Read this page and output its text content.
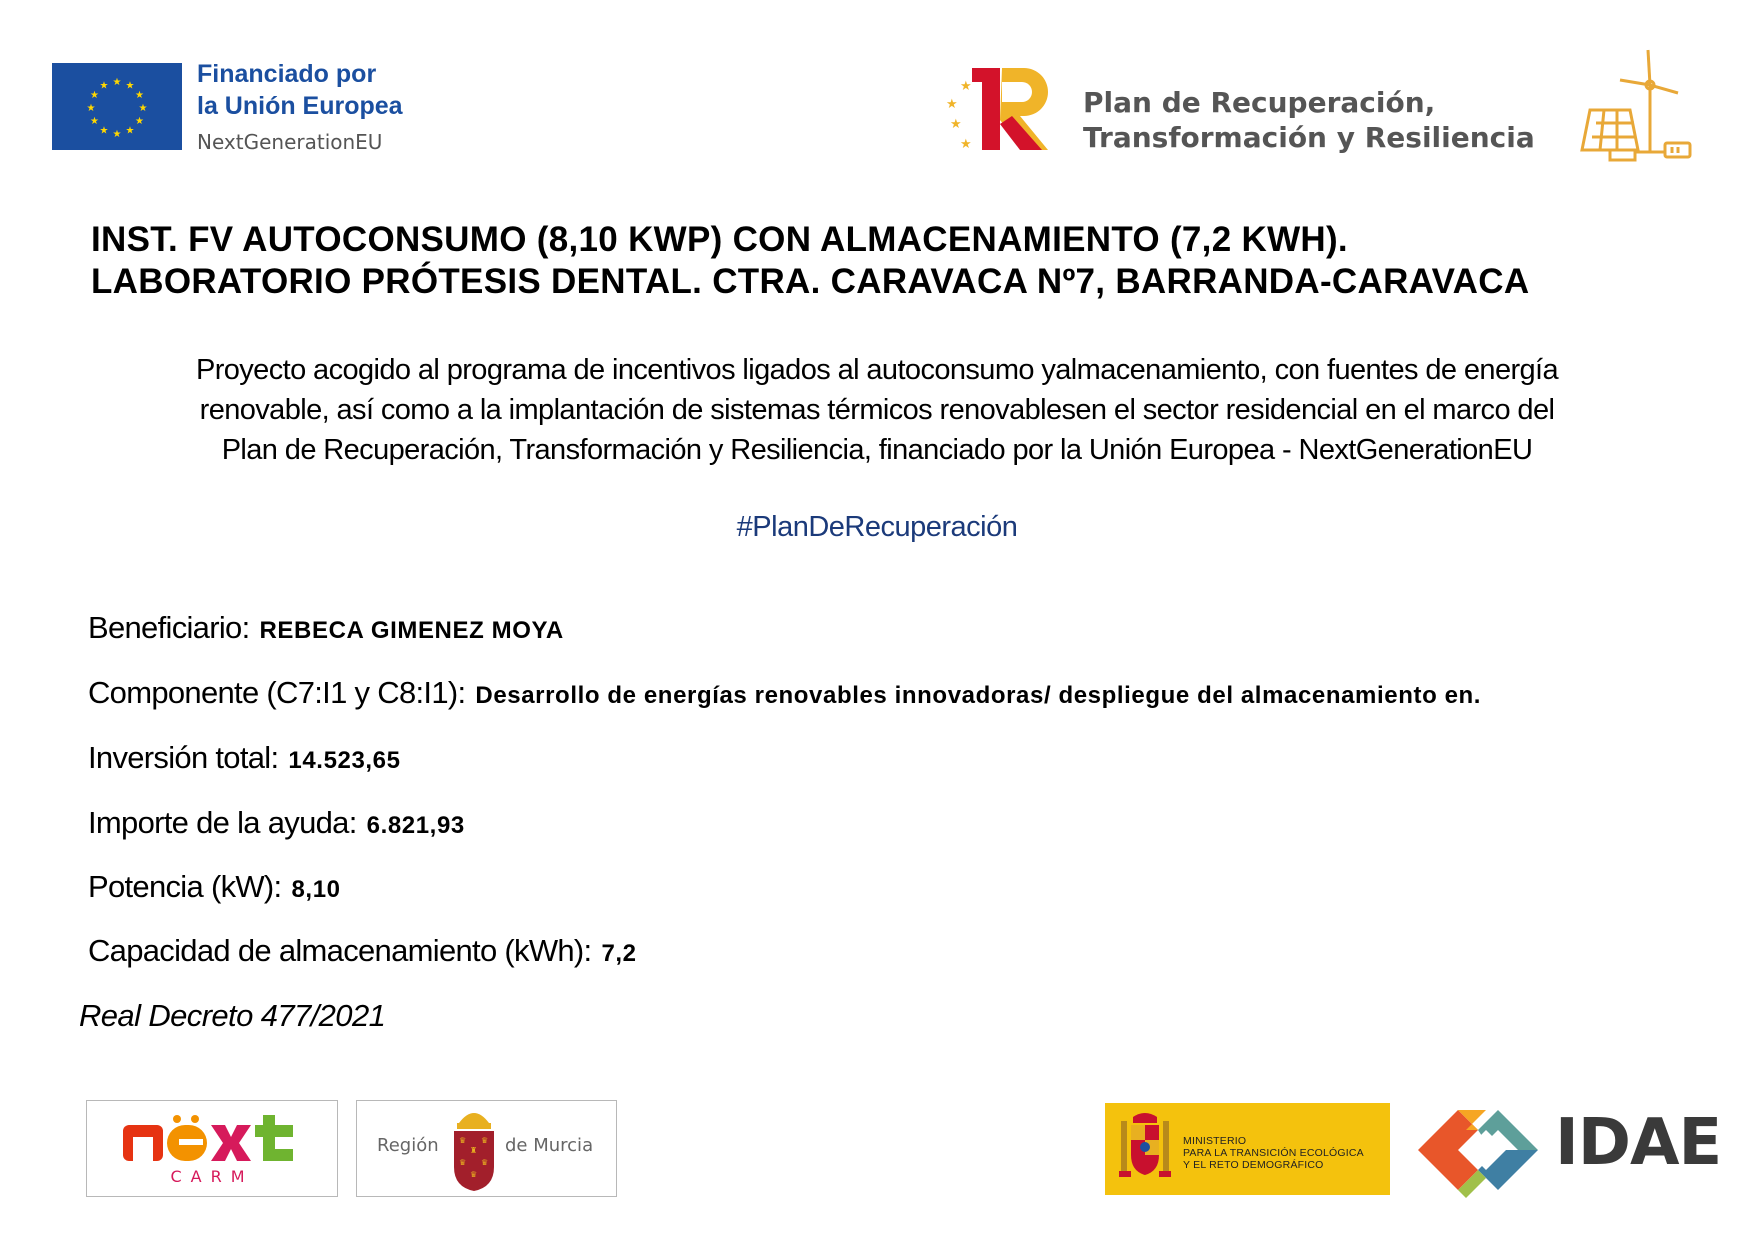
★ ★
★
★
★
★
★
★
★
★
★
★	Financiado por
la Unión Europea
NextGenerationEU
★
★
★
★
Plan de Recuperación,
Transformación y Resiliencia
INST. FV AUTOCONSUMO (8,10 KWP) CON ALMACENAMIENTO (7,2 KWH).
LABORATORIO PRÓTESIS DENTAL. CTRA. CARAVACA Nº7, BARRANDA-CARAVACA
Proyecto acogido al programa de incentivos ligados al autoconsumo yalmacenamiento, con fuentes de energía
renovable, así como a la implantación de sistemas térmicos renovablesen el sector residencial en el marco del
Plan de Recuperación, Transformación y Resiliencia, financiado por la Unión Europea - NextGenerationEU
#PlanDeRecuperación
Beneficiario: REBECA GIMENEZ MOYA
Componente (C7:I1 y C8:I1): Desarrollo de energías renovables innovadoras/ despliegue del almacenamiento en.
Inversión total: 14.523,65
Importe de la ayuda: 6.821,93
Potencia (kW): 8,10
Capacidad de almacenamiento (kWh): 7,2
Real Decreto 477/2021
CARM
Región	♛ ♛
♜
♛ ♛
♛
de Murcia	MINISTERIO
PARA LA TRANSICIÓN ECOLÓGICA
Y EL RETO DEMOGRÁFICO	IDAE
